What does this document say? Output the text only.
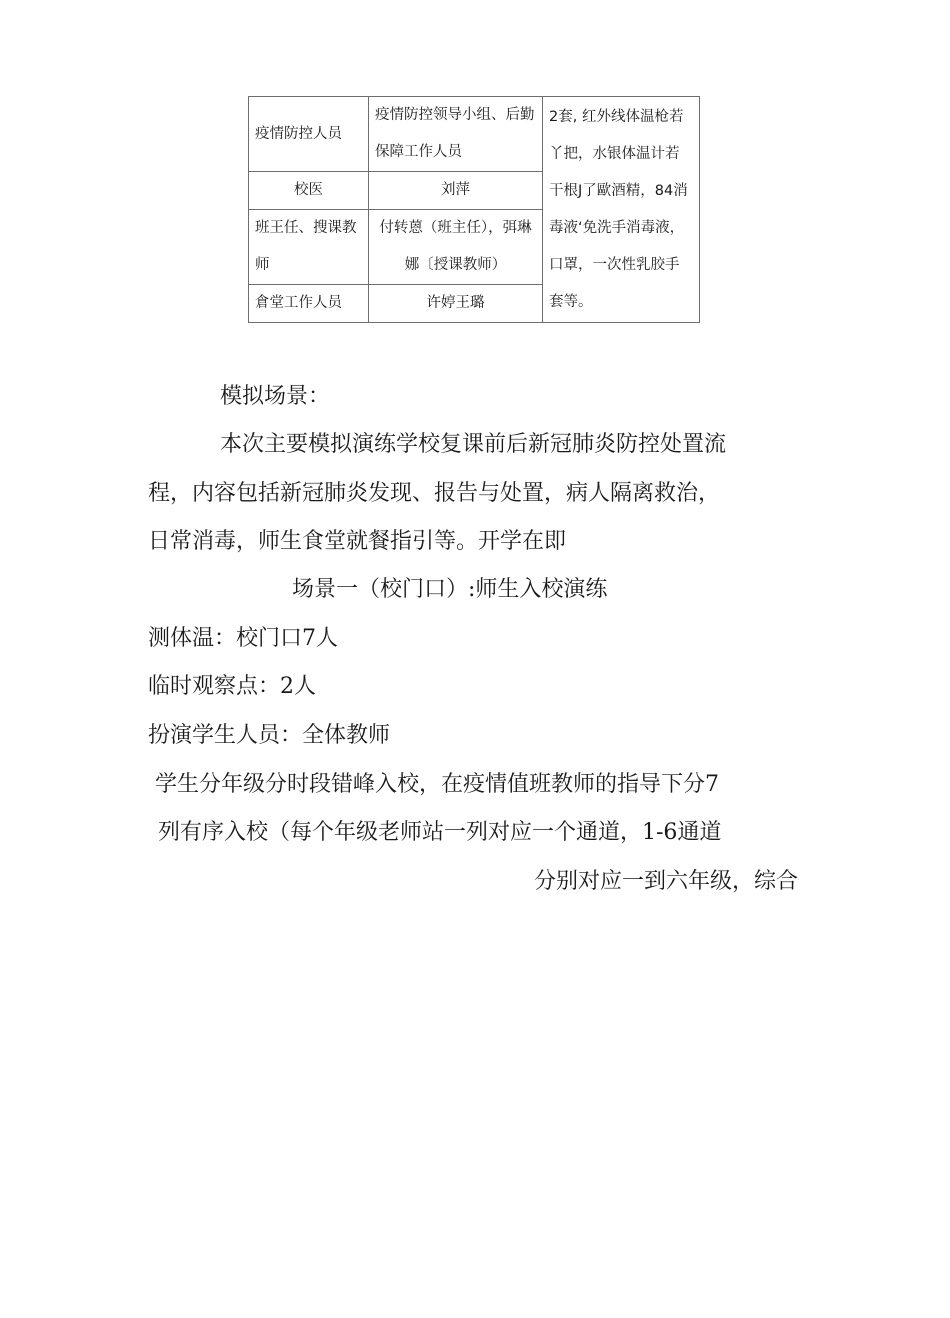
疫情防控人员	疫情防控领导小组、后勤保障工作人员	2套, 红外线体温枪若丫把，水银体温计若干根J了歐酒精，84消毒液‘免洗手消毒液，口罩，一次性乳胶手套等。
校医	刘萍	
班王任、搜课教师	付转蒽（班主任），弭琳娜〔授课教师）	
倉堂工作人员	许婷王璐	
模拟场景：
本次主要模拟演练学校复课前后新冠肺炎防控处置流
程，内容包括新冠肺炎发现、报告与处置，病人隔离救治，
日常消毒，师生食堂就餐指引等。开学在即
场景一（校门口）:师生入校演练
测体温：校门口7人
临时观察点：2人
扮演学生人员：全体教师
学生分年级分时段错峰入校，在疫情值班教师的指导下分7
列有序入校（每个年级老师站一列对应一个通道，1-6通道
分别对应一到六年级，综合
